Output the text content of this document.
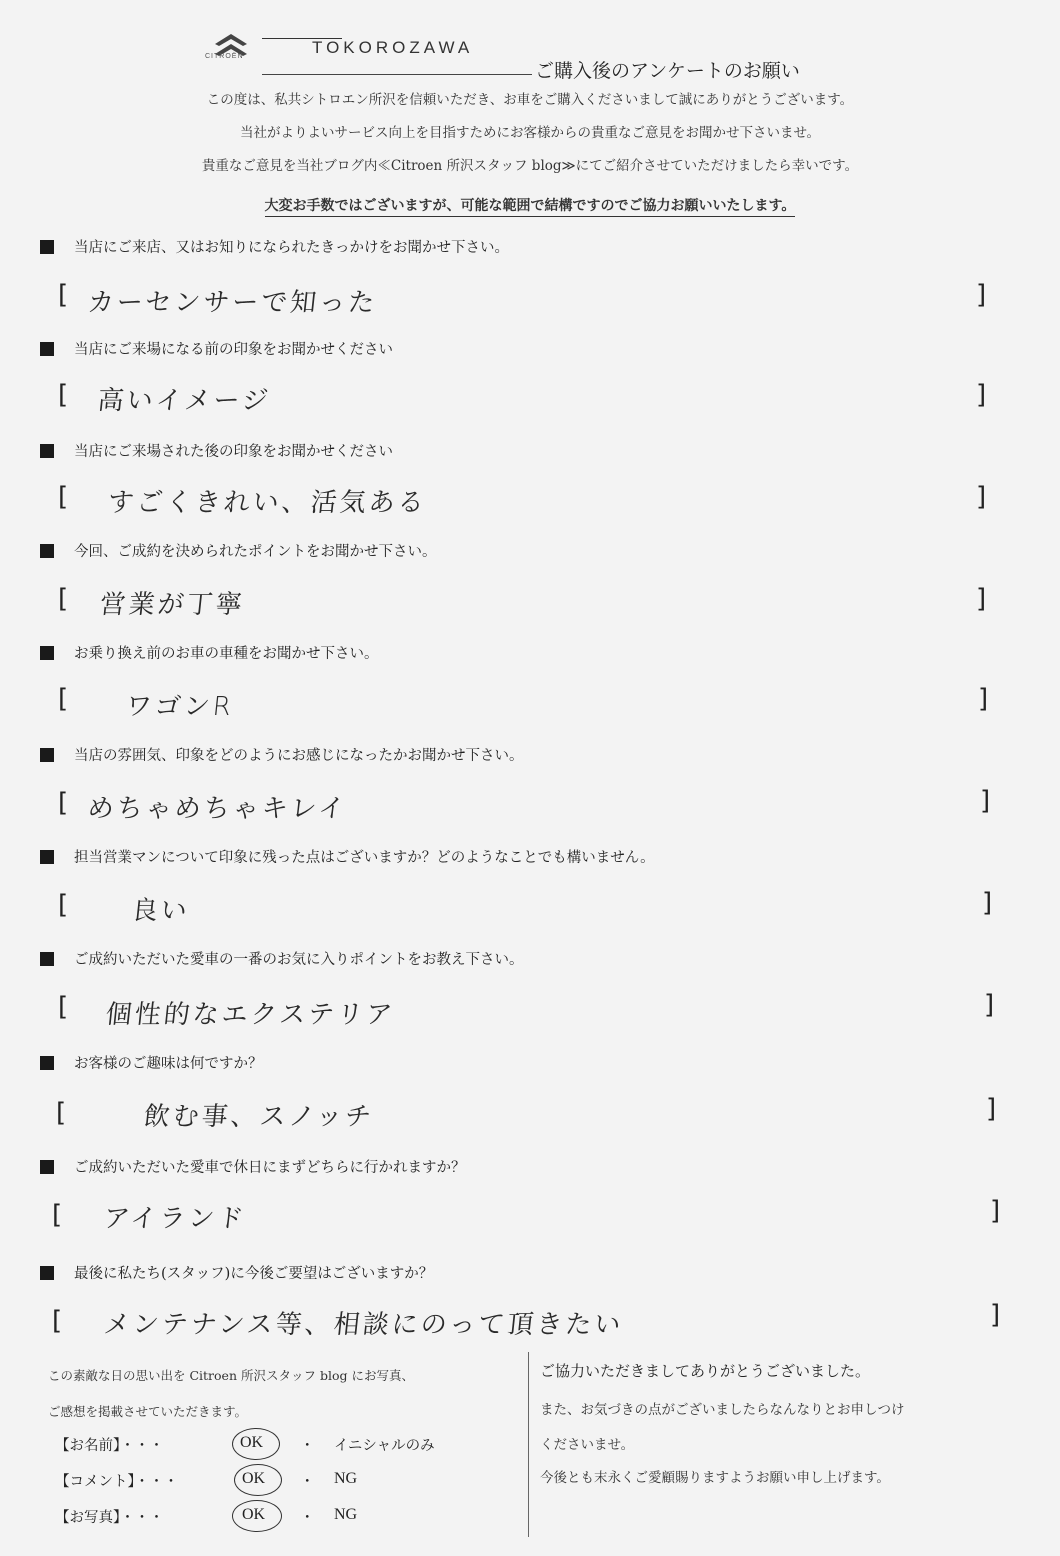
CITROËN	TOKOROZAWA
ご購入後のアンケートのお願い
この度は、私共シトロエン所沢を信頼いただき、お車をご購入くださいまして誠にありがとうございます。
当社がよりよいサービス向上を目指すためにお客様からの貴重なご意見をお聞かせ下さいませ。
貴重なご意見を当社ブログ内≪Citroen 所沢スタッフ blog≫にてご紹介させていただけましたら幸いです。
大変お手数ではございますが、可能な範囲で結構ですのでご協力お願いいたします。
当店にご来店、又はお知りになられたきっかけをお聞かせ下さい。
[ カーセンサーで知った	]
当店にご来場になる前の印象をお聞かせください
[ 高いイメージ	]
当店にご来場された後の印象をお聞かせください
[ すごくきれい、活気ある	]
今回、ご成約を決められたポイントをお聞かせ下さい。
[ 営業が丁寧	]
お乗り換え前のお車の車種をお聞かせ下さい。
[ ワゴンR	]
当店の雰囲気、印象をどのようにお感じになったかお聞かせ下さい。
[ めちゃめちゃキレイ	]
担当営業マンについて印象に残った点はございますか？どのようなことでも構いません。
[ 良い	]
ご成約いただいた愛車の一番のお気に入りポイントをお教え下さい。
[ 個性的なエクステリア	]
お客様のご趣味は何ですか？
[	飲む事、スノッチ	]
ご成約いただいた愛車で休日にまずどちらに行かれますか？
[ アイランド	]
最後に私たち(スタッフ)に今後ご要望はございますか？
[ メンテナンス等、相談にのって頂きたい	]
この素敵な日の思い出を Citroen 所沢スタッフ blog にお写真、
ご感想を掲載させていただきます。
【お名前】・・・	OK	・ イニシャルのみ
【コメント】・・・	OK ・ NG
【お写真】・・・	OK ・ NG
ご協力いただきましてありがとうございました。
また、お気づきの点がございましたらなんなりとお申しつけ
くださいませ。
今後とも末永くご愛顧賜りますようお願い申し上げます。
